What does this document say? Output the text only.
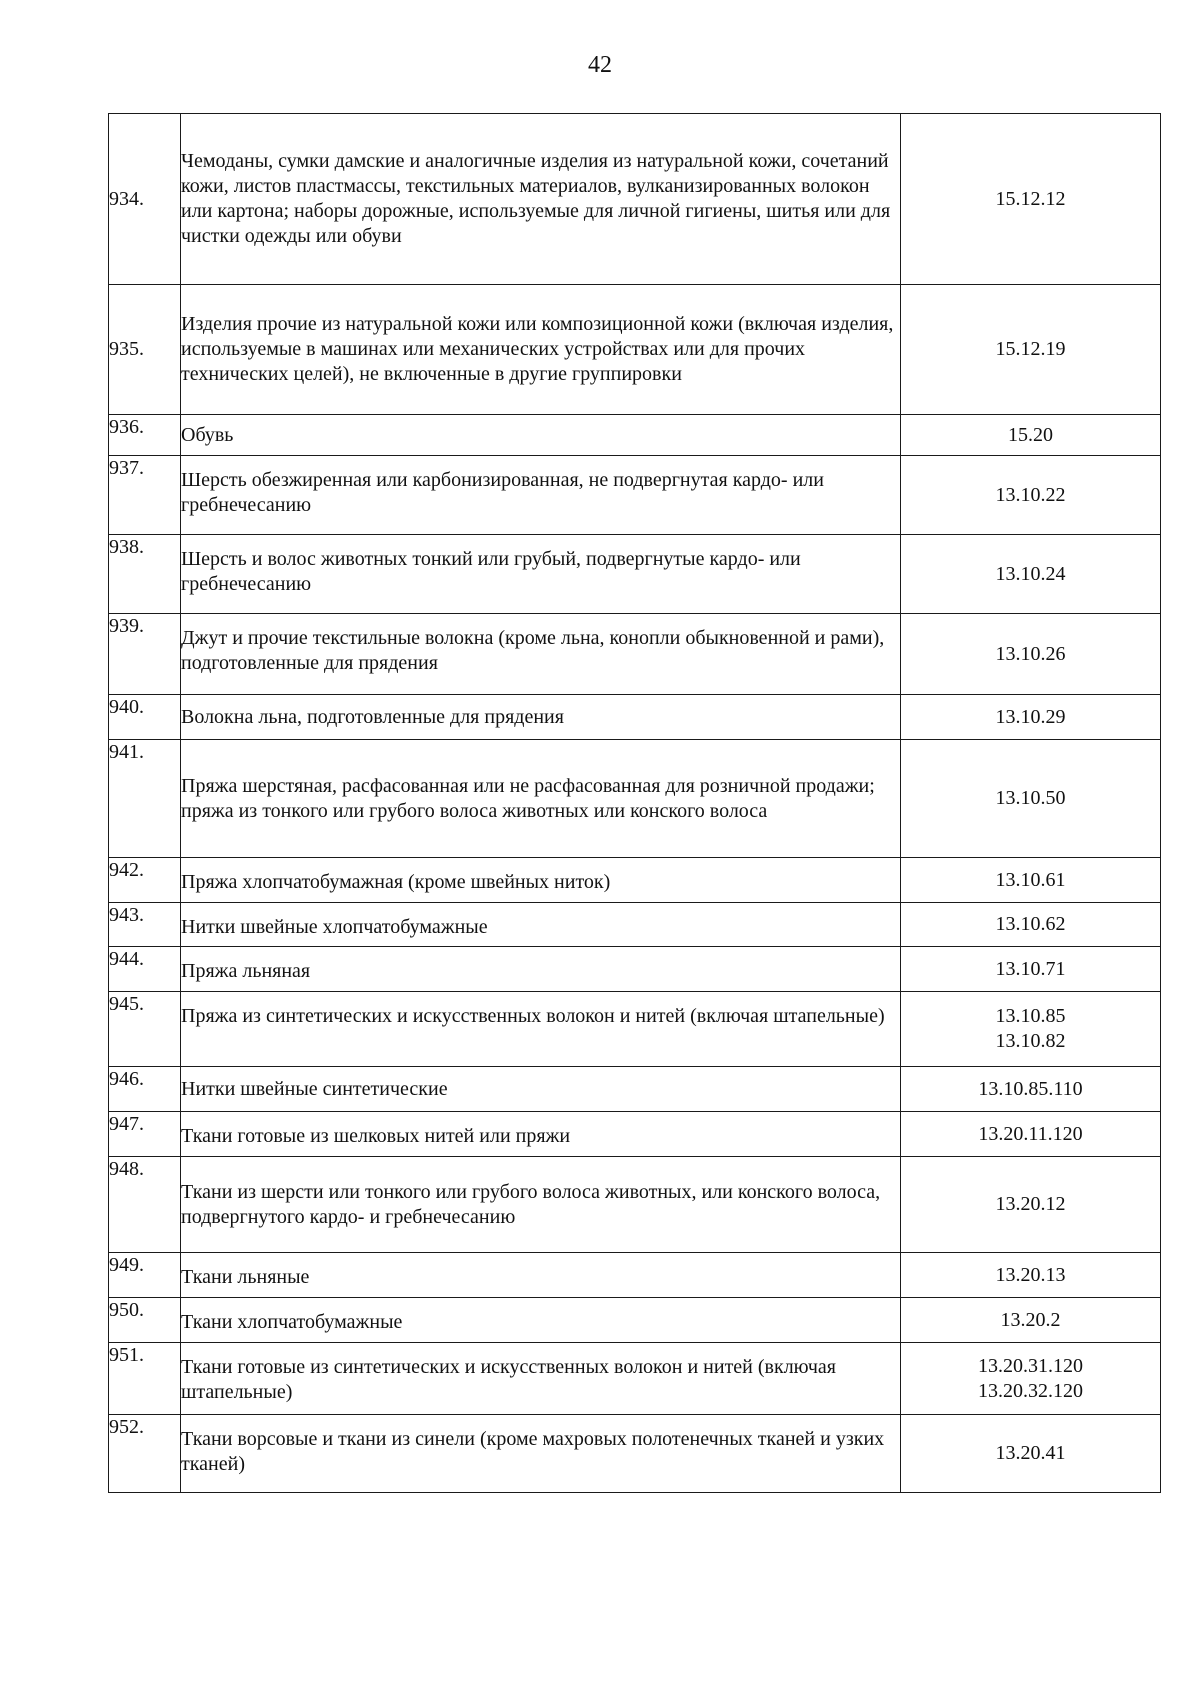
42
934.	Чемоданы, сумки дамские и аналогичные изделия из натуральной кожи, сочетаний кожи, листов пластмассы, текстильных материалов, вулканизированных волокон или картона; наборы дорожные, используемые для личной гигиены, шитья или для чистки одежды или обуви	15.12.12

935.	Изделия прочие из натуральной кожи или композиционной кожи (включая изделия, используемые в машинах или механических устройствах или для прочих технических целей), не включенные в другие группировки	15.12.19

936.	Обувь	15.20

937.	Шерсть обезжиренная или карбонизированная, не подвергнутая кардо- или гребнечесанию	13.10.22

938.	Шерсть и волос животных тонкий или грубый, подвергнутые кардо- или гребнечесанию	13.10.24

939.	Джут и прочие текстильные волокна (кроме льна, конопли обыкновенной и рами), подготовленные для прядения	13.10.26

940.	Волокна льна, подготовленные для прядения	13.10.29

941.	Пряжа шерстяная, расфасованная или не расфасованная для розничной продажи; пряжа из тонкого или грубого волоса животных или конского волоса	13.10.50

942.	Пряжа хлопчатобумажная (кроме швейных ниток)	13.10.61

943.	Нитки швейные хлопчатобумажные	13.10.62

944.	Пряжа льняная	13.10.71

945.	Пряжа из синтетических и искусственных волокон и нитей (включая штапельные)	13.10.85
13.10.82

946.	Нитки швейные синтетические	13.10.85.110

947.	Ткани готовые из шелковых нитей или пряжи	13.20.11.120

948.	Ткани из шерсти или тонкого или грубого волоса животных, или конского волоса, подвергнутого кардо- и гребнечесанию	13.20.12

949.	Ткани льняные	13.20.13

950.	Ткани хлопчатобумажные	13.20.2

951.	Ткани готовые из синтетических и искусственных волокон и нитей (включая штапельные)	13.20.31.120
13.20.32.120

952.	Ткани ворсовые и ткани из синели (кроме махровых полотенечных тканей и узких тканей)	13.20.41
